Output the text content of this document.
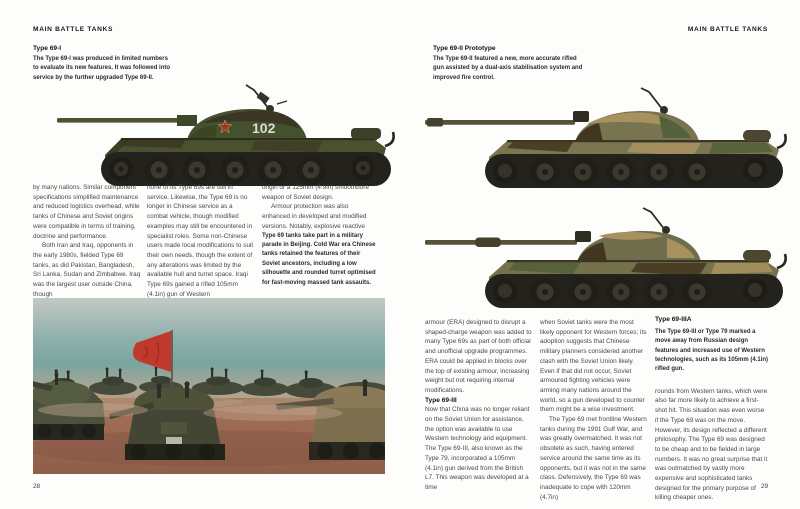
MAIN BATTLE TANKS
Type 69-I
The Type 69-I was produced in limited numbers to evaluate its new features. It was followed into service by the further upgraded Type 69-II.
102

by many nations. Similar component specifications simplified maintenance and reduced logistics overhead, while tanks of Chinese and Soviet origins were compatible in terms of training, doctrine and performance.

Both Iran and Iraq, opponents in the early 1980s, fielded Type 69 tanks, as did Pakistan, Bangladesh, Sri Lanka, Sudan and Zimbabwe. Iraq was the largest user outside China, though

none of its Type 69s are still in service. Likewise, the Type 69 is no longer in Chinese service as a combat vehicle, though modified examples may still be encountered in specialist roles. Some non-Chinese users made local modifications to suit their own needs, though the extent of any alterations was limited by the available hull and turret space. Iraqi Type 69s gained a rifled 105mm (4.1in) gun of Western

origin or a 125mm (4.9in) smoothbore weapon of Soviet design.

Armour protection was also enhanced in developed and modified versions. Notably, explosive reactive

Type 69 tanks take part in a military parade in Beijing. Cold War era Chinese tanks retained the features of their Soviet ancestors, including a low silhouette and rounded turret optimised for fast-moving massed tank assaults.

28
MAIN BATTLE TANKS
Type 69-II Prototype
The Type 69-II featured a new, more accurate rifled gun assisted by a dual-axis stabilisation system and improved fire control.

armour (ERA) designed to disrupt a shaped-charge weapon was added to many Type 69s as part of both official and unofficial upgrade programmes. ERA could be applied in blocks over the top of existing armour, increasing weight but not requiring internal modifications.

Type 69-III

Now that China was no longer reliant on the Soviet Union for assistance, the option was available to use Western technology and equipment. The Type 69-III, also known as the Type 79, incorporated a 105mm (4.1in) gun derived from the British L7. This weapon was developed at a time

when Soviet tanks were the most likely opponent for Western forces; its adoption suggests that Chinese military planners considered another clash with the Soviet Union likely. Even if that did not occur, Soviet armoured fighting vehicles were arming many nations around the world, so a gun developed to counter them might be a wise investment.

The Type 69 met frontline Western tanks during the 1991 Gulf War, and was greatly overmatched. It was not obsolete as such, having entered service around the same time as its opponents, but it was not in the same class. Defensively, the Type 69 was inadequate to cope with 120mm (4.7in)

Type 69-IIIA
The Type 69-III or Type 79 marked a move away from Russian design features and increased use of Western technologies, such as its 105mm (4.1in) rifled gun.

rounds from Western tanks, which were also far more likely to achieve a first-shot hit. This situation was even worse if the Type 69 was on the move. However, its design reflected a different philosophy. The Type 69 was designed to be cheap and to be fielded in large numbers. It was no great surprise that it was outmatched by vastly more expensive and sophisticated tanks designed for the primary purpose of killing cheaper ones.

29
